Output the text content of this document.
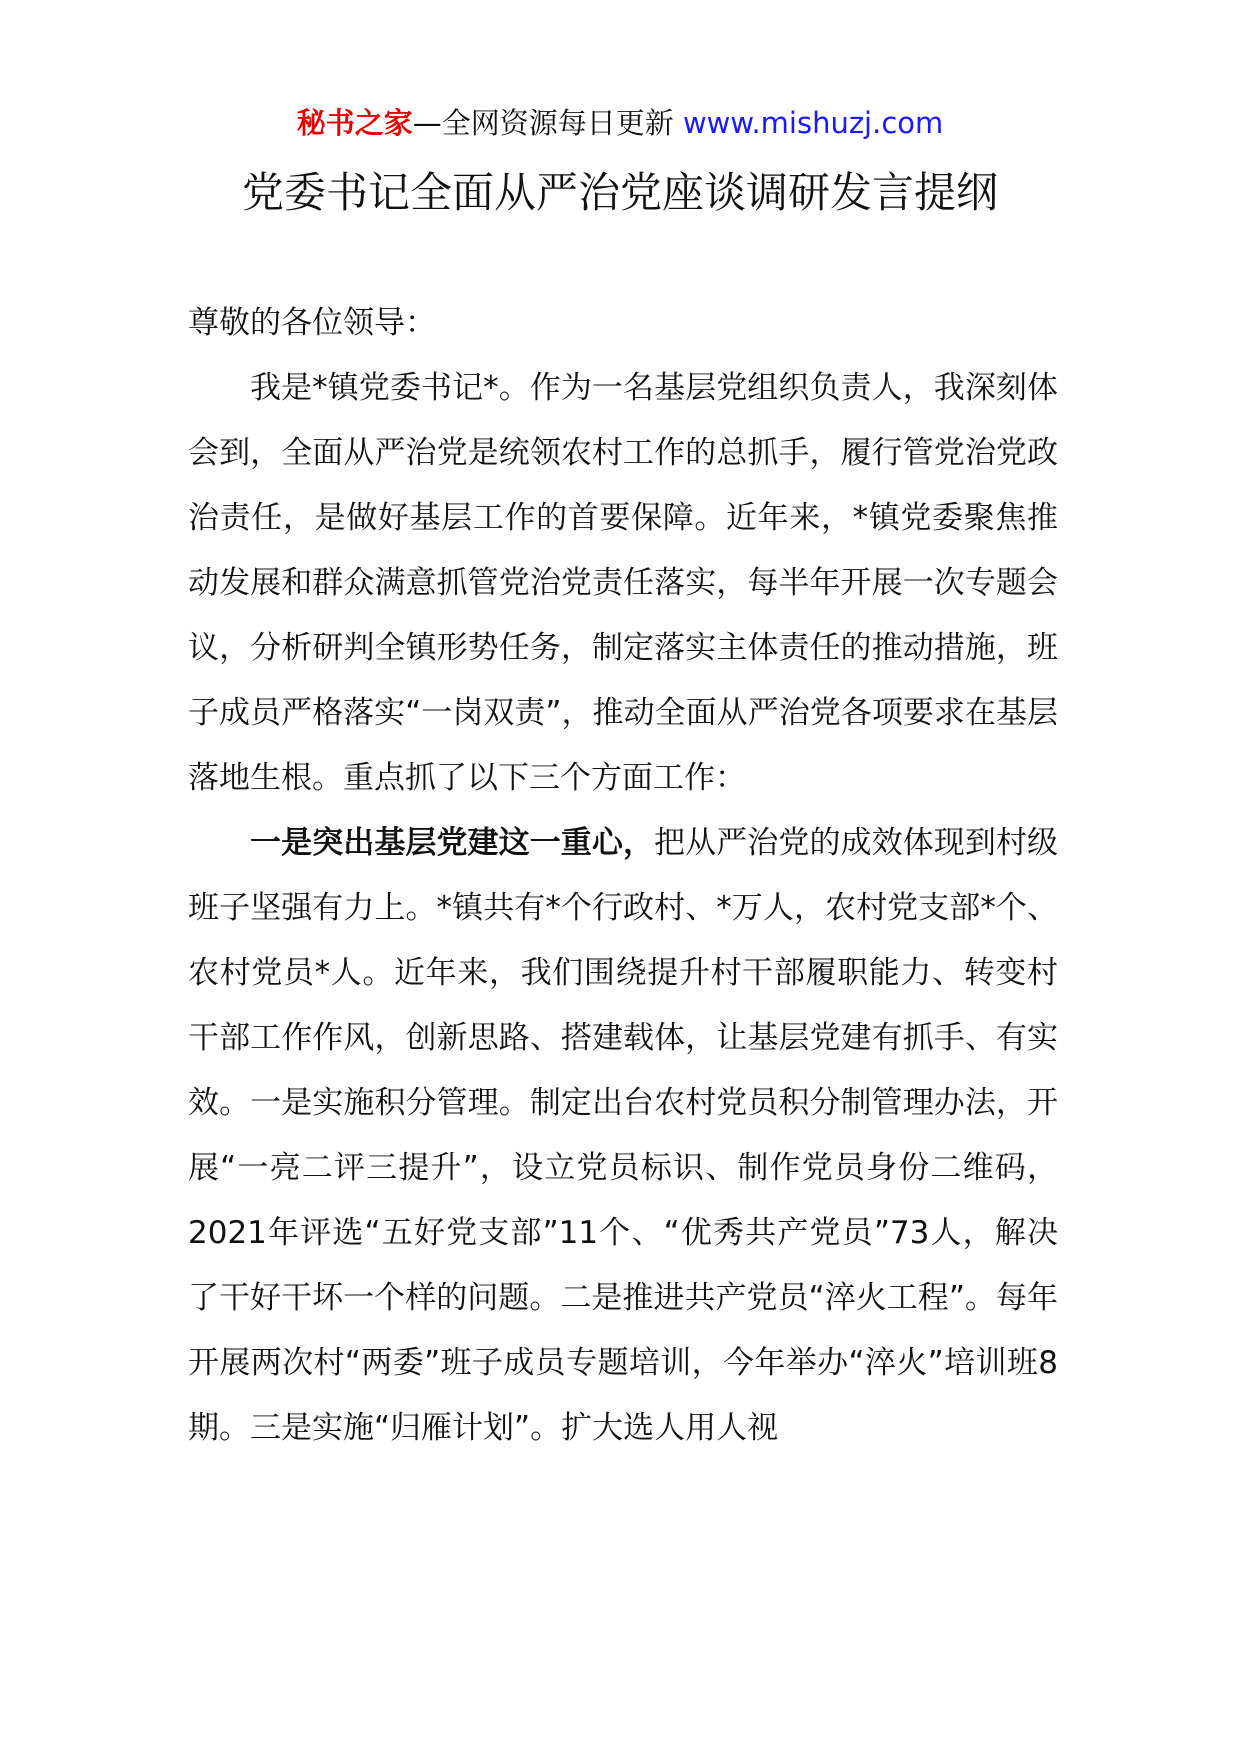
秘书之家—全网资源每日更新 www.mishuzj.com
党委书记全面从严治党座谈调研发言提纲

尊敬的各位领导：

我是*镇党委书记*。作为一名基层党组织负责人，我深刻体会到，全面从严治党是统领农村工作的总抓手，履行管党治党政治责任，是做好基层工作的首要保障。近年来，*镇党委聚焦推动发展和群众满意抓管党治党责任落实，每半年开展一次专题会议，分析研判全镇形势任务，制定落实主体责任的推动措施，班子成员严格落实“一岗双责”，推动全面从严治党各项要求在基层落地生根。重点抓了以下三个方面工作：

一是突出基层党建这一重心，把从严治党的成效体现到村级班子坚强有力上。*镇共有*个行政村、*万人，农村党支部*个、农村党员*人。近年来，我们围绕提升村干部履职能力、转变村干部工作作风，创新思路、搭建载体，让基层党建有抓手、有实效。一是实施积分管理。制定出台农村党员积分制管理办法，开展“一亮二评三提升”，设立党员标识、制作党员身份二维码，2021年评选“五好党支部”11个、“优秀共产党员”73人，解决了干好干坏一个样的问题。二是推进共产党员“淬火工程”。每年开展两次村“两委”班子成员专题培训，今年举办“淬火”培训班8期。三是实施“归雁计划”。扩大选人用人视
